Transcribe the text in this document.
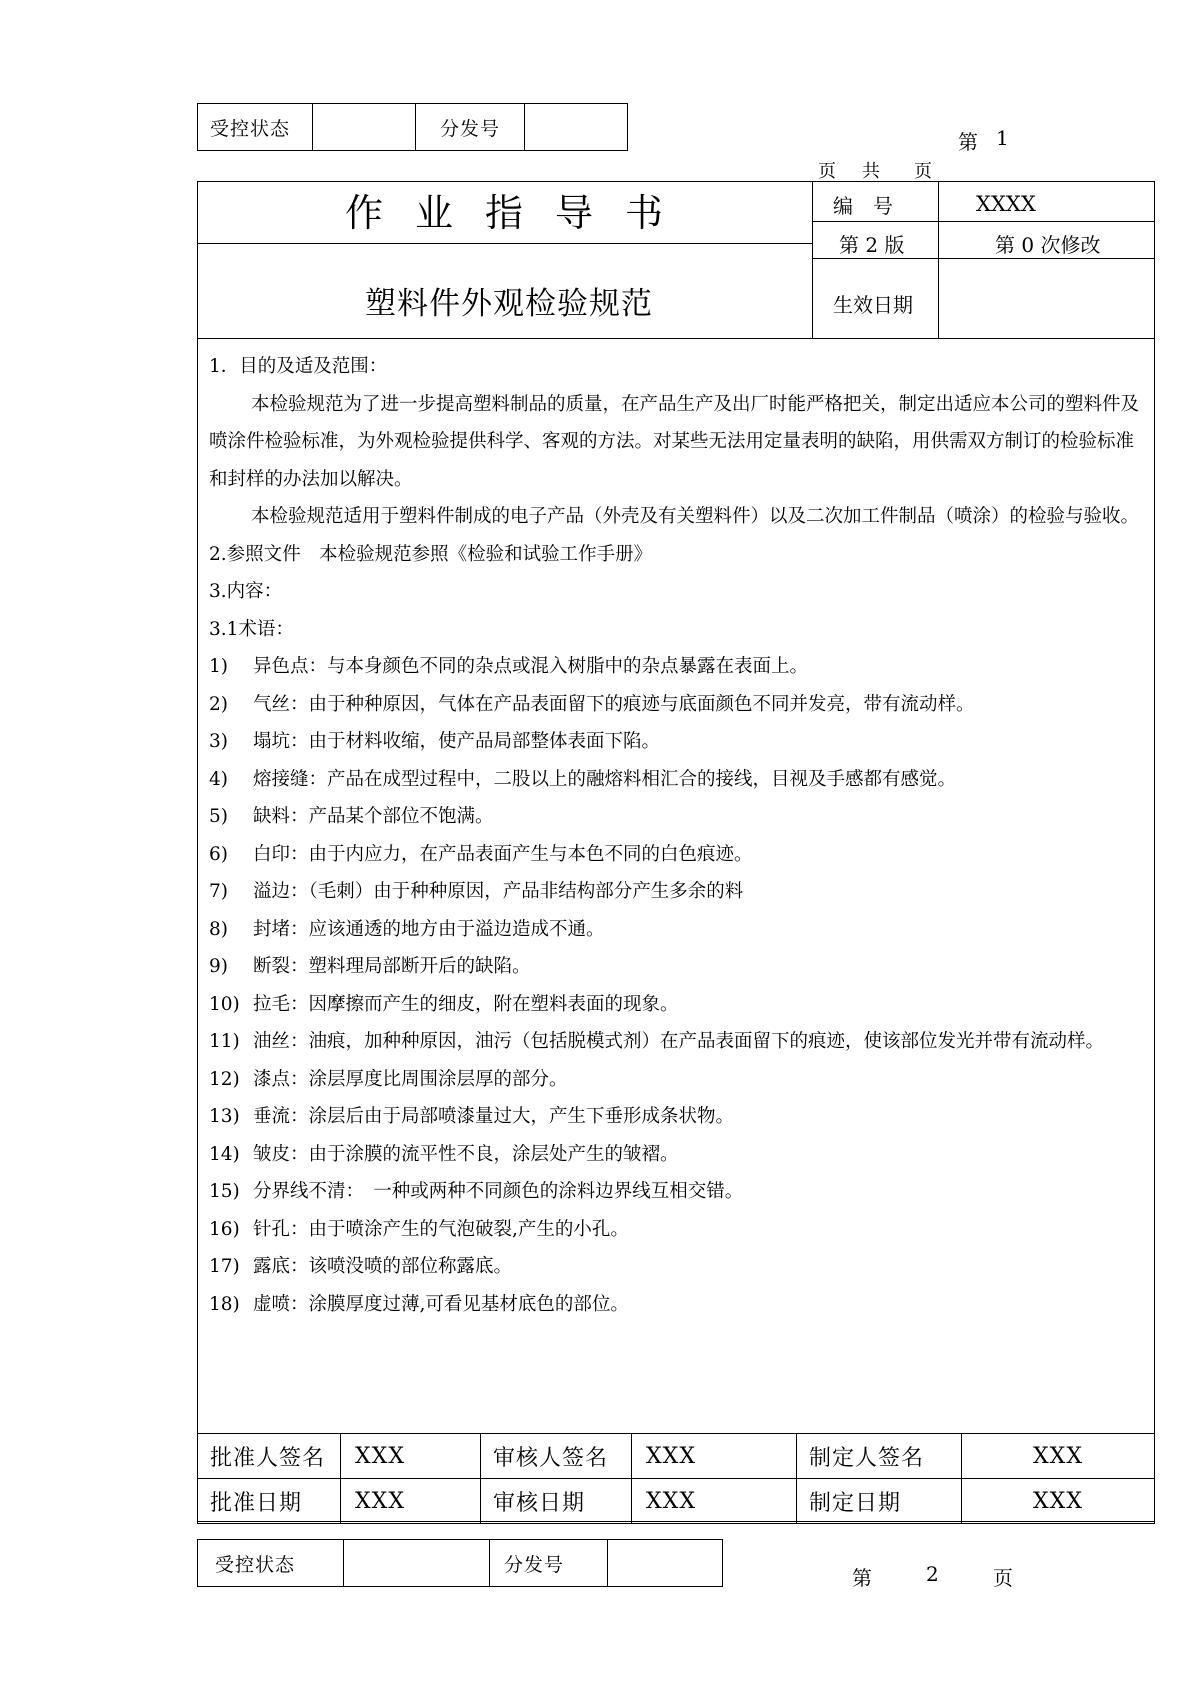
受控状态		分发号	
第 1
页 共 页
作业指导书
塑料件外观检验规范
编　号	XXXX
第 2 版	第 0 次修改
生效日期

1．目的及适及范围：

本检验规范为了进一步提高塑料制品的质量，在产品生产及出厂时能严格把关，制定出适应本公司的塑料件及喷涂件检验标准，为外观检验提供科学、客观的方法。对某些无法用定量表明的缺陷，用供需双方制订的检验标准和封样的办法加以解决。

本检验规范适用于塑料件制成的电子产品（外壳及有关塑料件）以及二次加工件制品（喷涂）的检验与验收。

2.参照文件　本检验规范参照《检验和试验工作手册》

3.内容：

3.1术语：

1)	异色点：与本身颜色不同的杂点或混入树脂中的杂点暴露在表面上。
2)	气丝：由于种种原因，气体在产品表面留下的痕迹与底面颜色不同并发亮，带有流动样。
3)	塌坑：由于材料收缩，使产品局部整体表面下陷。
4)	熔接缝：产品在成型过程中，二股以上的融熔料相汇合的接线，目视及手感都有感觉。
5)	缺料：产品某个部位不饱满。
6)	白印：由于内应力，在产品表面产生与本色不同的白色痕迹。
7)	溢边：（毛刺）由于种种原因，产品非结构部分产生多余的料
8)	封堵：应该通透的地方由于溢边造成不通。
9)	断裂：塑料理局部断开后的缺陷。
10) 拉毛：因摩擦而产生的细皮，附在塑料表面的现象。
11) 油丝：油痕，加种种原因，油污（包括脱模式剂）在产品表面留下的痕迹，使该部位发光并带有流动样。
12) 漆点：涂层厚度比周围涂层厚的部分。
13) 垂流：涂层后由于局部喷漆量过大，产生下垂形成条状物。
14) 皱皮：由于涂膜的流平性不良，涂层处产生的皱褶。
15) 分界线不清：　一种或两种不同颜色的涂料边界线互相交错。
16) 针孔：由于喷涂产生的气泡破裂,产生的小孔。
17) 露底：该喷没喷的部位称露底。
18) 虚喷：涂膜厚度过薄,可看见基材底色的部位。
批准人签名	XXX	审核人签名	XXX	制定人签名	XXX
批准日期	XXX	审核日期	XXX	制定日期	XXX
受控状态		分发号	
第	2	页
